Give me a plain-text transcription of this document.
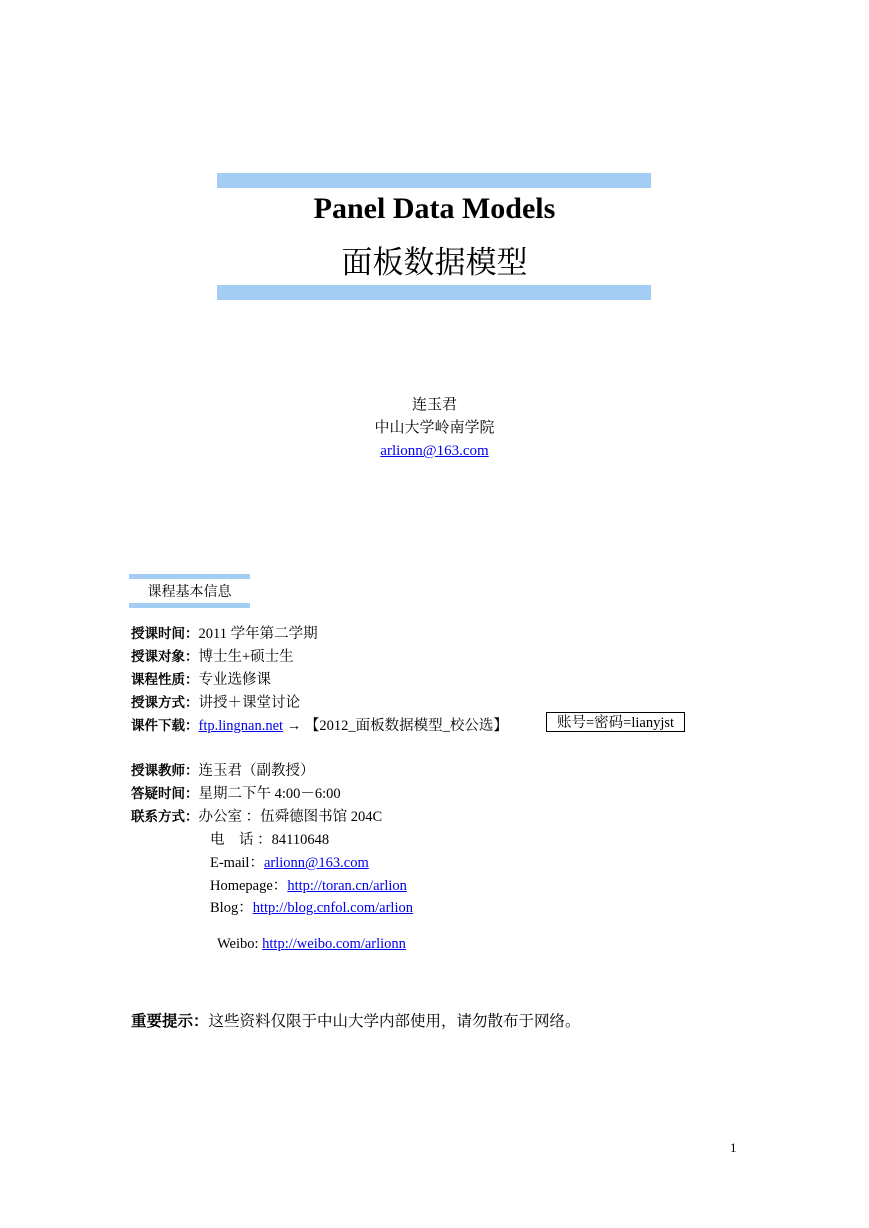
Panel Data Models
面板数据模型
连玉君
中山大学岭南学院
arlionn@163.com
课程基本信息
授课时间：2011 学年第二学期
授课对象：博士生+硕士生
课程性质：专业选修课
授课方式：讲授＋课堂讨论
课件下载：ftp.lingnan.net → 【2012_面板数据模型_校公选】	账号=密码=lianyjst
授课教师：连玉君（副教授）
答疑时间：星期二下午 4:00－6:00
联系方式：办公室 ：伍舜德图书馆 204C
电    话 ：84110648
E-mail：arlionn@163.com
Homepage：http://toran.cn/arlion
Blog：http://blog.cnfol.com/arlion

Weibo: http://weibo.com/arlionn

重要提示：这些资料仅限于中山大学内部使用，请勿散布于网络。
1
